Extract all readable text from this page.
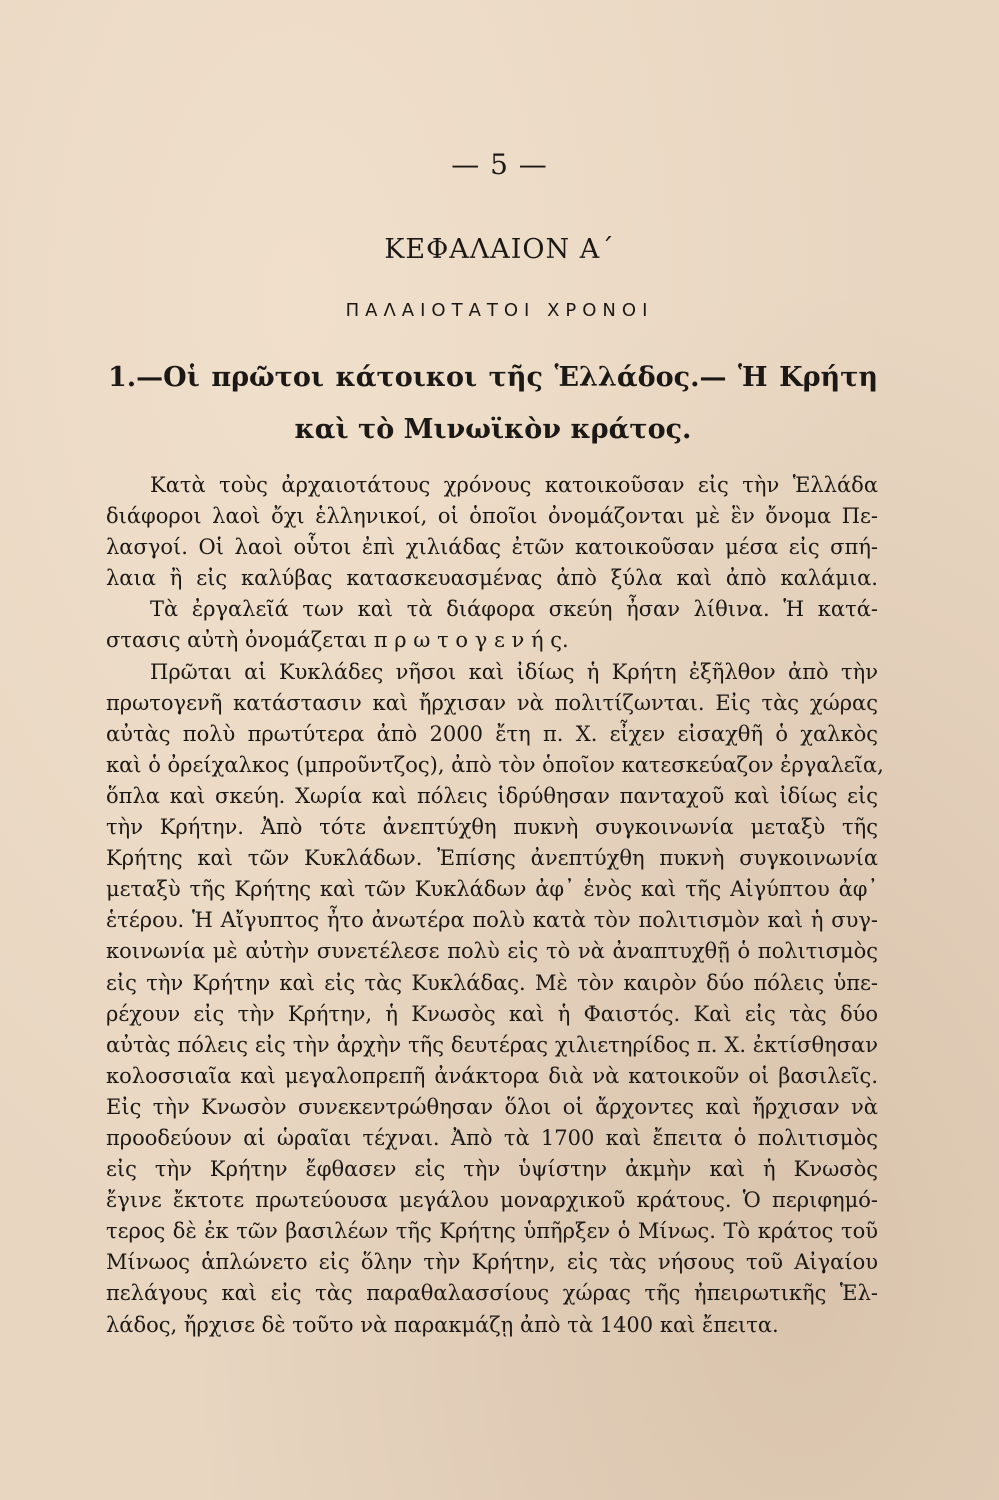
— 5 —
ΚΕΦΑΛΑΙΟΝ Α΄
ΠΑΛΑΙΟΤΑΤΟΙ ΧΡΟΝΟΙ
1.—Οἱ πρῶτοι κάτοικοι τῆς Ἑλλάδος.— Ἡ Κρήτη
καὶ τὸ Μινωϊκὸν κράτος.
Κατὰ τοὺς ἀρχαιοτάτους χρόνους κατοικοῦσαν εἰς τὴν Ἑλλάδα
διάφοροι λαοὶ ὄχι ἑλληνικοί, οἱ ὁποῖοι ὀνομάζονται μὲ ἓν ὄνομα Πε-
λασγοί. Οἱ λαοὶ οὗτοι ἐπὶ χιλιάδας ἐτῶν κατοικοῦσαν μέσα εἰς σπή-
λαια ἢ εἰς καλύβας κατασκευασμένας ἀπὸ ξύλα καὶ ἀπὸ καλάμια.
Τὰ ἐργαλεῖά των καὶ τὰ διάφορα σκεύη ἦσαν λίθινα. Ἡ κατά-
στασις αὐτὴ ὀνομάζεται π ρ ω τ ο γ ε ν ή ς.
Πρῶται αἱ Κυκλάδες νῆσοι καὶ ἰδίως ἡ Κρήτη ἐξῆλθον ἀπὸ τὴν
πρωτογενῆ κατάστασιν καὶ ἤρχισαν νὰ πολιτίζωνται. Εἰς τὰς χώρας
αὐτὰς πολὺ πρωτύτερα ἀπὸ 2000 ἔτη π. Χ. εἶχεν εἰσαχθῆ ὁ χαλκὸς
καὶ ὁ ὀρείχαλκος (μπροῦντζος), ἀπὸ τὸν ὁποῖον κατεσκεύαζον ἐργαλεῖα,
ὅπλα καὶ σκεύη. Χωρία καὶ πόλεις ἱδρύθησαν πανταχοῦ καὶ ἰδίως εἰς
τὴν Κρήτην. Ἀπὸ τότε ἀνεπτύχθη πυκνὴ συγκοινωνία μεταξὺ τῆς
Κρήτης καὶ τῶν Κυκλάδων. Ἐπίσης ἀνεπτύχθη πυκνὴ συγκοινωνία
μεταξὺ τῆς Κρήτης καὶ τῶν Κυκλάδων ἀφ᾿ ἑνὸς καὶ τῆς Αἰγύπτου ἀφ᾿
ἑτέρου. Ἡ Αἴγυπτος ἦτο ἀνωτέρα πολὺ κατὰ τὸν πολιτισμὸν καὶ ἡ συγ-
κοινωνία μὲ αὐτὴν συνετέλεσε πολὺ εἰς τὸ νὰ ἀναπτυχθῇ ὁ πολιτισμὸς
εἰς τὴν Κρήτην καὶ εἰς τὰς Κυκλάδας. Μὲ τὸν καιρὸν δύο πόλεις ὑπε-
ρέχουν εἰς τὴν Κρήτην, ἡ Κνωσὸς καὶ ἡ Φαιστός. Καὶ εἰς τὰς δύο
αὐτὰς πόλεις εἰς τὴν ἀρχὴν τῆς δευτέρας χιλιετηρίδος π. Χ. ἐκτίσθησαν
κολοσσιαῖα καὶ μεγαλοπρεπῆ ἀνάκτορα διὰ νὰ κατοικοῦν οἱ βασιλεῖς.
Εἰς τὴν Κνωσὸν συνεκεντρώθησαν ὅλοι οἱ ἄρχοντες καὶ ἤρχισαν νὰ
προοδεύουν αἱ ὡραῖαι τέχναι. Ἀπὸ τὰ 1700 καὶ ἔπειτα ὁ πολιτισμὸς
εἰς τὴν Κρήτην ἔφθασεν εἰς τὴν ὑψίστην ἀκμὴν καὶ ἡ Κνωσὸς
ἔγινε ἔκτοτε πρωτεύουσα μεγάλου μοναρχικοῦ κράτους. Ὁ περιφημό-
τερος δὲ ἐκ τῶν βασιλέων τῆς Κρήτης ὑπῆρξεν ὁ Μίνως. Τὸ κράτος τοῦ
Μίνωος ἁπλώνετο εἰς ὅλην τὴν Κρήτην, εἰς τὰς νήσους τοῦ Αἰγαίου
πελάγους καὶ εἰς τὰς παραθαλασσίους χώρας τῆς ἠπειρωτικῆς Ἑλ-
λάδος, ἤρχισε δὲ τοῦτο νὰ παρακμάζῃ ἀπὸ τὰ 1400 καὶ ἔπειτα.
